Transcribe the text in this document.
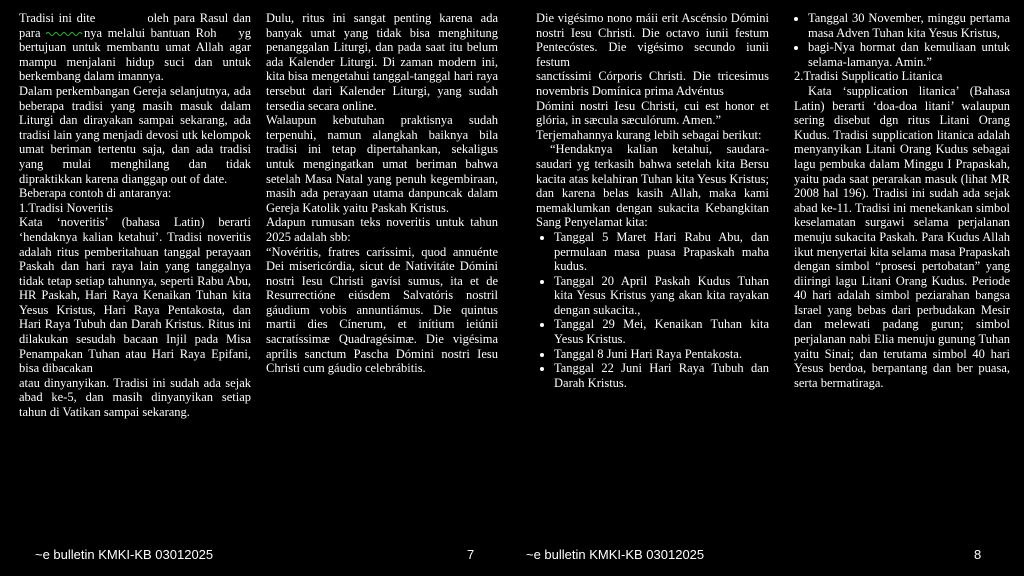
Tradisi ini dite	oleh para Rasul dan para	nya melalui bantuan Roh yg bertujuan untuk membantu umat Allah agar mampu menjalani hidup suci dan untuk berkembang dalam imannya.

Dalam perkembangan Gereja selanjutnya, ada beberapa tradisi yang masih masuk dalam Liturgi dan dirayakan sampai sekarang, ada tradisi lain yang menjadi devosi utk kelompok umat beriman tertentu saja, dan ada tradisi yang mulai menghilang dan tidak dipraktikkan karena dianggap out of date.

Beberapa contoh di antaranya:

1.Tradisi Noveritis

Kata ‘noveritis’ (bahasa Latin) berarti ‘hendaknya kalian ketahui’. Tradisi noveritis adalah ritus pemberitahuan tanggal perayaan Paskah dan hari raya lain yang tanggalnya tidak tetap setiap tahunnya, seperti Rabu Abu, HR Paskah, Hari Raya Kenaikan Tuhan kita Yesus Kristus, Hari Raya Pentakosta, dan Hari Raya Tubuh dan Darah Kristus. Ritus ini dilakukan sesudah bacaan Injil pada Misa Penampakan Tuhan atau Hari Raya Epifani, bisa dibacakan

atau dinyanyikan. Tradisi ini sudah ada sejak abad ke-5, dan masih dinyanyikan setiap tahun di Vatikan sampai sekarang.

Dulu, ritus ini sangat penting karena ada banyak umat yang tidak bisa menghitung penanggalan Liturgi, dan pada saat itu belum ada Kalender Liturgi. Di zaman modern ini, kita bisa mengetahui tanggal-tanggal hari raya tersebut dari Kalender Liturgi, yang sudah tersedia secara online.

Walaupun kebutuhan praktisnya sudah terpenuhi, namun alangkah baiknya bila tradisi ini tetap dipertahankan, sekaligus untuk mengingatkan umat beriman bahwa setelah Masa Natal yang penuh kegembiraan, masih ada perayaan utama danpuncak dalam Gereja Katolik yaitu Paskah Kristus.

Adapun rumusan teks noveritis untuk tahun 2025 adalah sbb:

“Novéritis, fratres caríssimi, quod annuénte Dei misericórdia, sicut de Nativitáte Dómini nostri Iesu Christi gavísi sumus, ita et de Resurrectióne eiúsdem Salvatóris nostril gáudium vobis annuntiámus. Die quintus martii dies Cínerum, et inítium ieiúnii sacratíssimæ Quadragésimæ. Die vigésima aprílis sanctum Pascha Dómini nostri Iesu Christi cum gáudio celebrábitis.

~e bulletin KMKI-KB 03012025	7

Die vigésimo nono máii erit Ascénsio Dómini nostri Iesu Christi. Die octavo iunii festum Pentecóstes. Die vigésimo secundo iunii festum

sanctíssimi Córporis Christi. Die tricesimus novembris Domínica prima Advéntus

Dómini nostri Iesu Christi, cui est honor et glória, in sæcula sæculórum. Amen.”

Terjemahannya kurang lebih sebagai berikut:

“Hendaknya kalian ketahui, saudara-saudari yg terkasih bahwa setelah kita Bersu kacita atas kelahiran Tuhan kita Yesus Kristus; dan karena belas kasih Allah, maka kami memaklumkan dengan sukacita Kebangkitan Sang Penyelamat kita:

• Tanggal 5 Maret Hari Rabu Abu, dan permulaan masa puasa Prapaskah maha kudus.
• Tanggal 20 April Paskah Kudus Tuhan kita Yesus Kristus yang akan kita rayakan dengan sukacita.,
• Tanggal 29 Mei, Kenaikan Tuhan kita Yesus Kristus.
• Tanggal 8 Juni Hari Raya Pentakosta.
• Tanggal 22 Juni Hari Raya Tubuh dan Darah Kristus.
• Tanggal 30 November, minggu pertama masa Adven Tuhan kita Yesus Kristus,
• bagi-Nya hormat dan kemuliaan untuk selama-lamanya. Amin.”

2.Tradisi Supplicatio Litanica

Kata ‘supplication litanica’ (Bahasa Latin) berarti ‘doa-doa litani’ walaupun sering disebut dgn ritus Litani Orang Kudus. Tradisi supplication litanica adalah menyanyikan Litani Orang Kudus sebagai lagu pembuka dalam Minggu I Prapaskah, yaitu pada saat perarakan masuk (lihat MR 2008 hal 196). Tradisi ini sudah ada sejak abad ke-11. Tradisi ini menekankan simbol keselamatan surgawi selama perjalanan menuju sukacita Paskah. Para Kudus Allah ikut menyertai kita selama masa Prapaskah dengan simbol “prosesi pertobatan” yang diiringi lagu Litani Orang Kudus. Periode 40 hari adalah simbol peziarahan bangsa Israel yang bebas dari perbudakan Mesir dan melewati padang gurun; simbol perjalanan nabi Elia menuju gunung Tuhan yaitu Sinai; dan terutama simbol 40 hari Yesus berdoa, berpantang dan ber puasa, serta bermatiraga.

~e bulletin KMKI-KB 03012025	8
